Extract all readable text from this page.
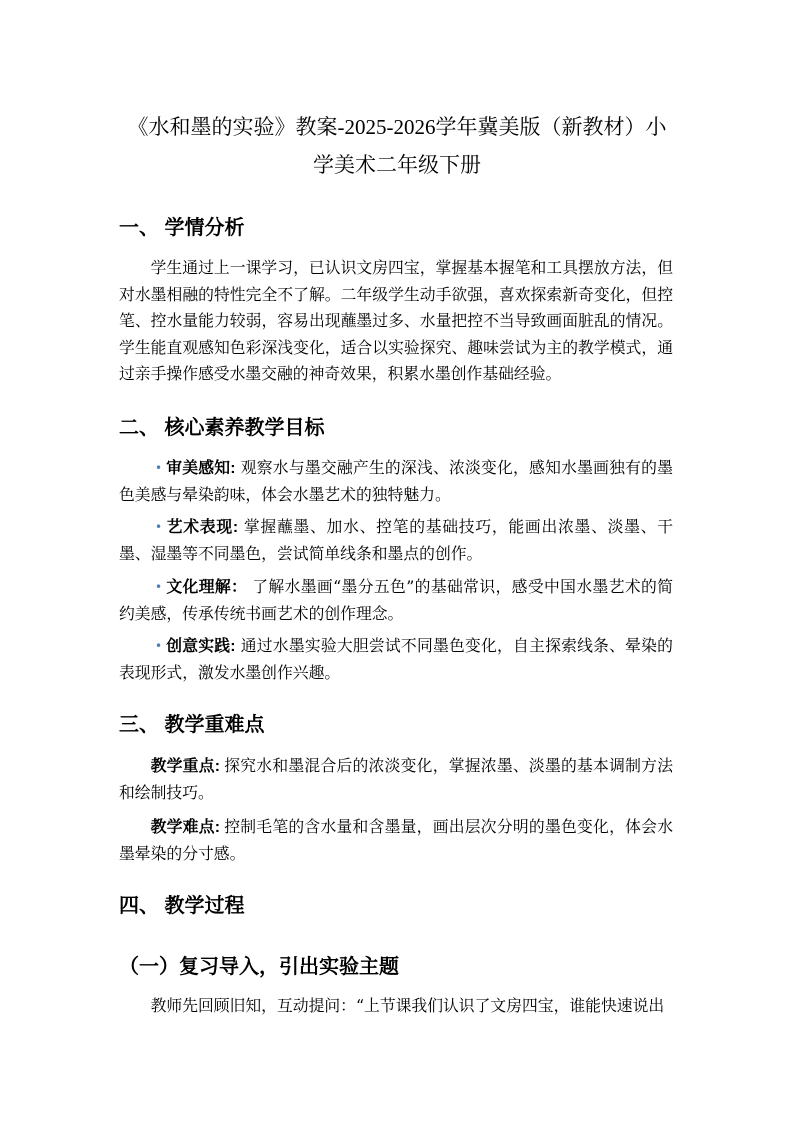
《水和墨的实验》教案-2025-2026学年冀美版（新教材）小
学美术二年级下册
一、 学情分析

学生通过上一课学习，已认识文房四宝，掌握基本握笔和工具摆放方法，但对水墨相融的特性完全不了解。二年级学生动手欲强，喜欢探索新奇变化，但控笔、控水量能力较弱，容易出现蘸墨过多、水量把控不当导致画面脏乱的情况。学生能直观感知色彩深浅变化，适合以实验探究、趣味尝试为主的教学模式，通过亲手操作感受水墨交融的神奇效果，积累水墨创作基础经验。

二、 核心素养教学目标

• 审美感知: 观察水与墨交融产生的深浅、浓淡变化，感知水墨画独有的墨色美感与晕染韵味，体会水墨艺术的独特魅力。

• 艺术表现: 掌握蘸墨、加水、控笔的基础技巧，能画出浓墨、淡墨、干墨、湿墨等不同墨色，尝试简单线条和墨点的创作。

• 文化理解： 了解水墨画“墨分五色”的基础常识，感受中国水墨艺术的简约美感，传承传统书画艺术的创作理念。

• 创意实践: 通过水墨实验大胆尝试不同墨色变化，自主探索线条、晕染的表现形式，激发水墨创作兴趣。

三、 教学重难点

教学重点: 探究水和墨混合后的浓淡变化，掌握浓墨、淡墨的基本调制方法和绘制技巧。

教学难点: 控制毛笔的含水量和含墨量，画出层次分明的墨色变化，体会水墨晕染的分寸感。

四、 教学过程
（一）复习导入，引出实验主题

教师先回顾旧知，互动提问：“上节课我们认识了文房四宝，谁能快速说出
